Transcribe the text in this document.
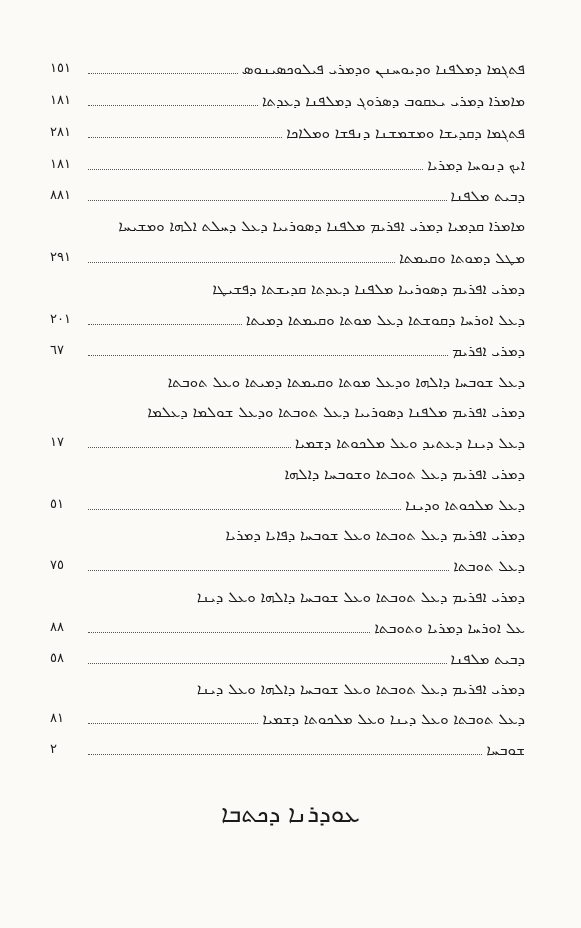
ܦܬܓܡܐ ܕܡܠܦܢܐ ܘܕܝܘܚܢܢ ܘܕܡܪܝ ܦܝܠܘܟܣܝܢܘܣ
١٥١
ܡܐܡܪܐ ܕܡܪܝ ܝܥܩܘܒ ܕܣܪܘܓ ܕܡܠܦܢܐ ܕܥܕܬܐ
١٨١
ܦܬܓܡܐ ܕܩܕܝܫܐ ܘܡܫܡܫܢܐ ܕܢܦܫܐ ܘܡܠܐܟܐ
٢٨١
ܐܝܟ ܕܢܘܚܐ ܕܡܪܝܐ
١٨١
ܕܒܝܬ ܡܠܦܢܐ
٨٨١
ܡܐܡܪܐ ܩܕܡܝܐ ܕܡܪܝ ܐܦܪܝܡ ܡܠܦܢܐ ܕܣܘܪܝܝܐ ܕܥܠ ܕܚܠܬ ܐܠܗܐ ܘܡܫܝܚܐ
ܡܛܠ ܕܡܘܬܐ ܘܩܝܡܬܐ
٢٩١
ܕܡܪܝ ܐܦܪܝܡ ܕܣܘܪܝܝܐ ܡܠܦܢܐ ܕܥܕܬܐ ܩܕܝܫܬܐ ܕܦܫܝܛܐ
ܕܥܠ ܐܘܪܚܐ ܕܩܘܫܬܐ ܕܥܠ ܡܘܬܐ ܘܩܝܡܬܐ ܕܡܝܬܐ
٢٠١
ܕܡܪܝ ܐܦܪܝܡ
٦٧
ܕܥܠ ܫܘܒܚܐ ܕܐܠܗܐ ܘܕܥܠ ܡܘܬܐ ܘܩܝܡܬܐ ܕܡܝܬܐ ܘܥܠ ܬܘܒܬܐ
ܕܡܪܝ ܐܦܪܝܡ ܡܠܦܢܐ ܕܣܘܪܝܝܐ ܕܥܠ ܬܘܒܬܐ ܘܕܥܠ ܫܘܠܡܐ ܕܥܠܡܐ
ܕܥܠ ܕܝܢܐ ܕܥܬܝܕ ܘܥܠ ܡܠܟܘܬܐ ܕܫܡܝܐ
١٧
ܕܡܪܝ ܐܦܪܝܡ ܕܥܠ ܬܘܒܬܐ ܘܫܘܒܚܐ ܕܐܠܗܐ
ܕܥܠ ܡܠܟܘܬܐ ܘܕܝܢܐ
٥١
ܕܡܪܝ ܐܦܪܝܡ ܕܥܠ ܬܘܒܬܐ ܘܥܠ ܫܘܒܚܐ ܕܦܐܝܐ ܕܡܪܝܐ
ܕܥܠ ܬܘܒܬܐ
٧٥
ܕܡܪܝ ܐܦܪܝܡ ܕܥܠ ܬܘܒܬܐ ܘܥܠ ܫܘܒܚܐ ܕܐܠܗܐ ܘܥܠ ܕܝܢܐ
ܥܠ ܐܘܪܚܐ ܕܡܪܝܐ ܘܬܘܒܬܐ
٨٨
ܕܒܝܬ ܡܠܦܢܐ
٥٨
ܕܡܪܝ ܐܦܪܝܡ ܕܥܠ ܬܘܒܬܐ ܘܥܠ ܫܘܒܚܐ ܕܐܠܗܐ ܘܥܠ ܕܝܢܐ
ܕܥܠ ܬܘܒܬܐ ܘܥܠ ܕܝܢܐ ܘܥܠ ܡܠܟܘܬܐ ܕܫܡܝܐ
٨١
ܫܘܒܚܐ
٢
ܥܘܕܪܢܐ ܕܟܬܒܐ
